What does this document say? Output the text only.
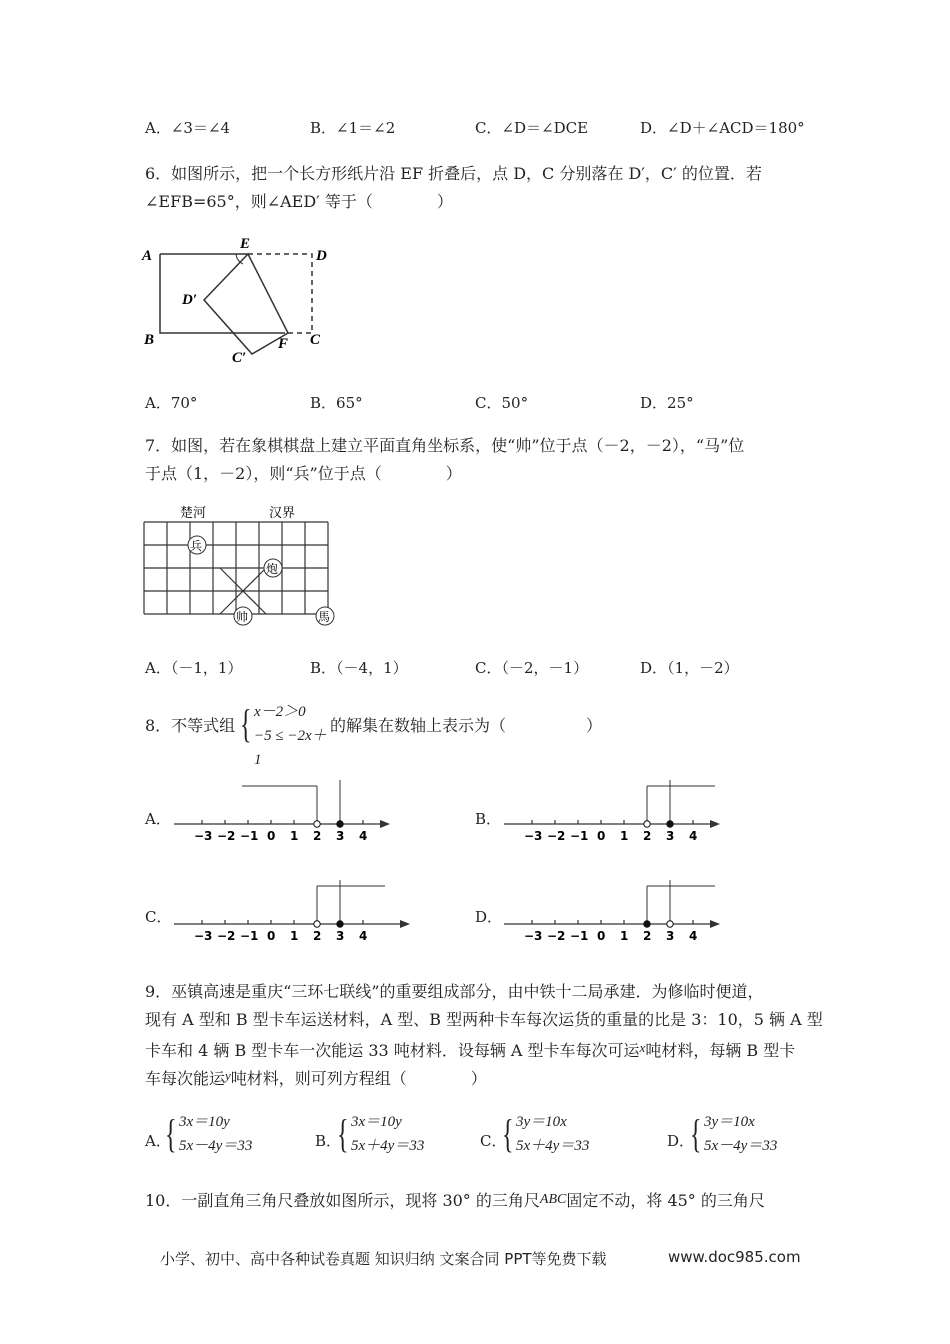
A．∠3＝∠4	B．∠1＝∠2	C．∠D＝∠DCE	D．∠D＋∠ACD＝180°
6．如图所示，把一个长方形纸片沿 EF 折叠后，点 D，C 分别落在 D′，C′ 的位置．若
∠EFB=65°，则∠AED′ 等于（　　　　）
A
E
D
D′
B	F C
C′
A．70°	B．65°	C．50°	D．25°
7．如图，若在象棋棋盘上建立平面直角坐标系，使“帅”位于点（－2，－2），“马”位
于点（1，－2），则“兵”位于点（　　　　）
楚河	汉界
兵
炮
帅	馬
A．（－1，1）	B．（－4，1）	C．（－2，－1）	D．（1，－2）
8．不等式组 { x－2＞0
−5 ≤ −2x＋1
的解集在数轴上表示为（　　　　　）
A．	B．
C．	D．
−3 −2 −1 0 1 2 3 4	−3 −2 −1 0 1 2 3 4
−3 −2 −1 0 1 2 3 4	−3 −2 −1 0 1 2 3 4
9．巫镇高速是重庆“三环七联线”的重要组成部分，由中铁十二局承建．为修临时便道，
现有 A 型和 B 型卡车运送材料，A 型、B 型两种卡车每次运货的重量的比是 3：10，5 辆 A 型
卡车和 4 辆 B 型卡车一次能运 33 吨材料．设每辆 A 型卡车每次可运$^x$吨材料，每辆 B 型卡
车每次能运$^y$吨材料，则可列方程组（　　　　）
A．
{ 3x＝10y
5x－4y＝33	B．
{ 3x＝10y
5x＋4y＝33	C．
{ 3y＝10x
5x＋4y＝33	D．
{ 3y＝10x
5x－4y＝33
10．一副直角三角尺叠放如图所示，现将 30° 的三角尺ABC固定不动，将 45° 的三角尺
小学、初中、高中各种试卷真题 知识归纳 文案合同 PPT等免费下载	www.doc985.com
